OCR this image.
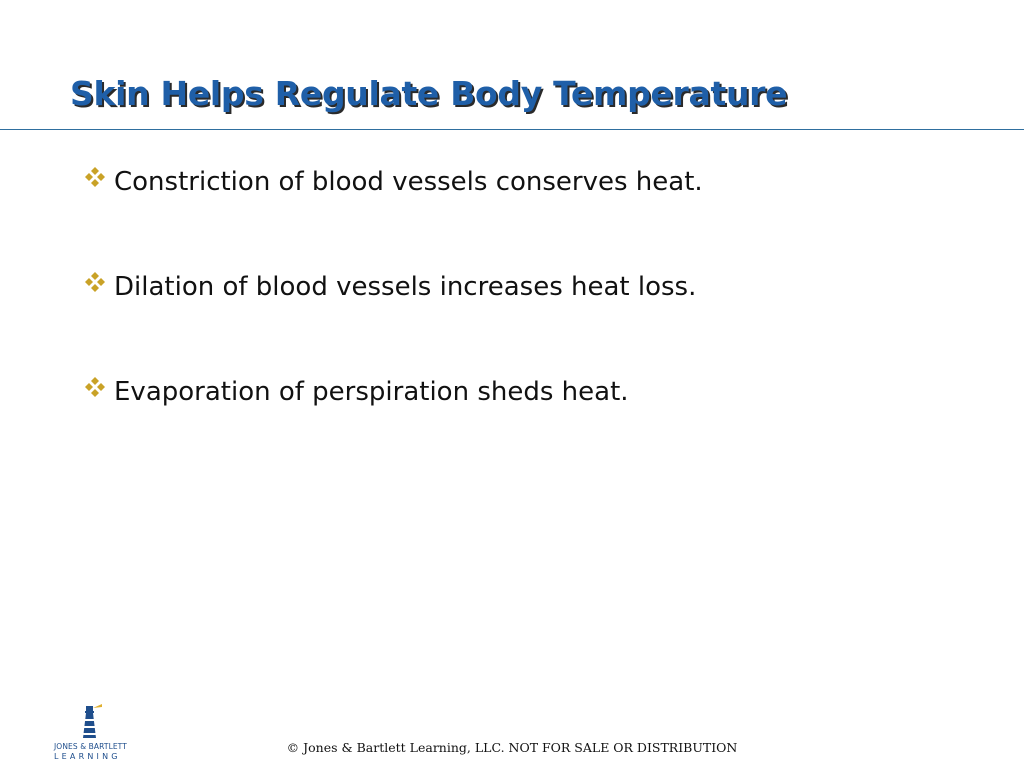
Skin Helps Regulate Body Temperature
Constriction of blood vessels conserves heat.
Dilation of blood vessels increases heat loss.
Evaporation of perspiration sheds heat.
JONES & BARTLETT
LEARNING
© Jones & Bartlett Learning, LLC. NOT FOR SALE OR DISTRIBUTION
